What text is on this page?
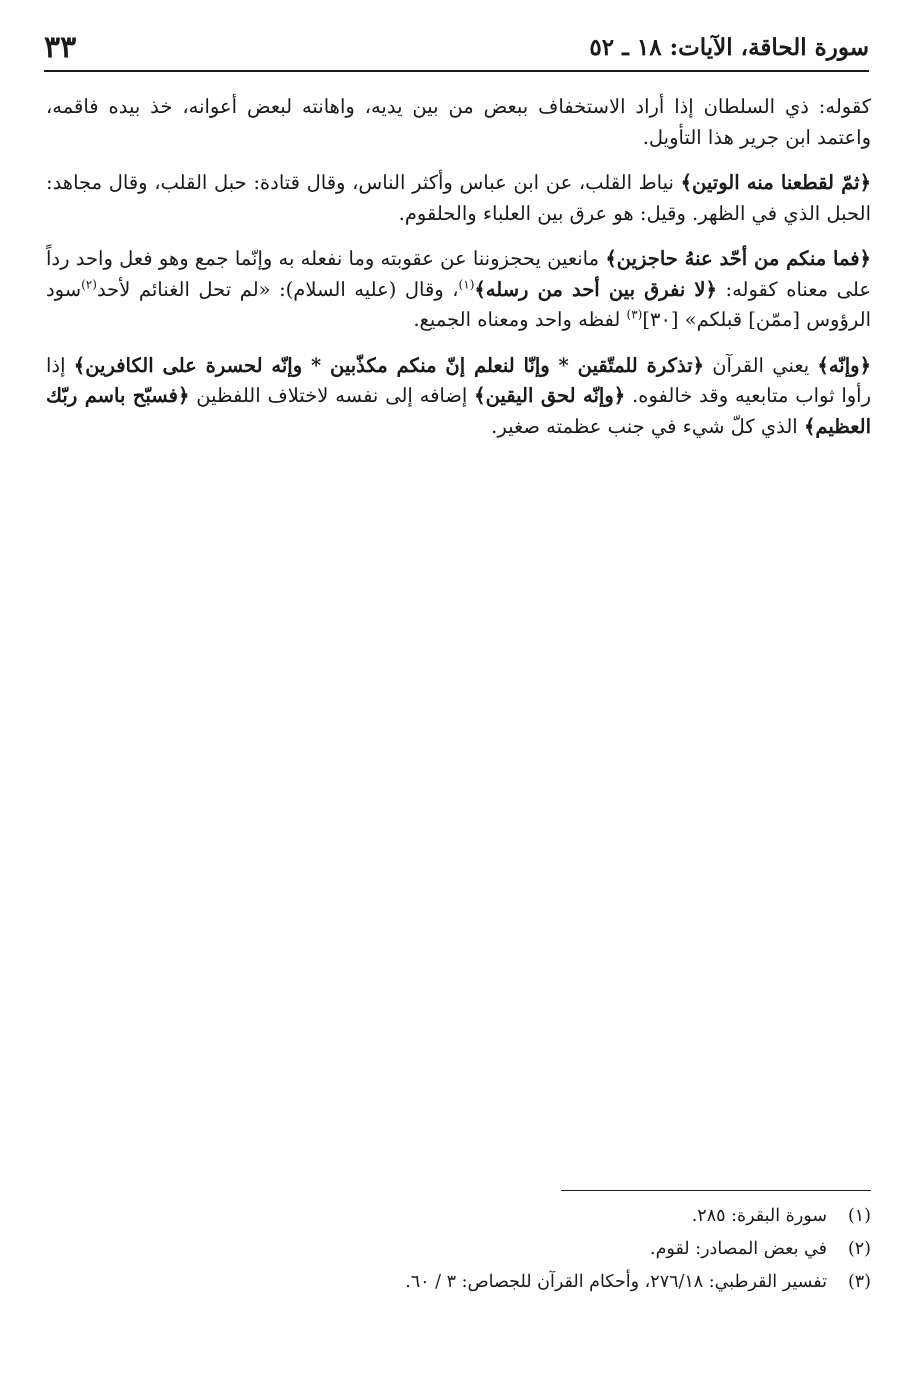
سورة الحاقة، الآيات: ١٨ ـ ٥٢
٣٣

كقوله: ذي السلطان إذا أراد الاستخفاف ببعض من بين يديه، واهانته لبعض أعوانه، خذ بيده فاقمه، واعتمد ابن جرير هذا التأويل.

﴿ثمّ لقطعنا منه الوتين﴾ نياط القلب، عن ابن عباس وأكثر الناس، وقال قتادة: حبل القلب، وقال مجاهد: الحبل الذي في الظهر. وقيل: هو عرق بين العلباء والحلقوم.

﴿فما منكم من أحّد عنهُ حاجزين﴾ مانعين يحجزوننا عن عقوبته وما نفعله به وإنّما جمع وهو فعل واحد رداً على معناه كقوله: ﴿لا نفرق بين أحد من رسله﴾$^{(١)}$، وقال (عليه السلام): «لم تحل الغنائم لأحد$^{(٢)}$سود الرؤوس [ممّن] قبلكم» [٣٠]$^{(٣)}$ لفظه واحد ومعناه الجميع.

﴿وإنّه﴾ يعني القرآن ﴿تذكرة للمتّقين * وإنّا لنعلم إنّ منكم مكذّبين * وإنّه لحسرة على الكافرين﴾ إذا رأوا ثواب متابعيه وقد خالفوه. ﴿وإنّه لحق اليقين﴾ إضافه إلى نفسه لاختلاف اللفظين ﴿فسبّح باسم ربّك العظيم﴾ الذي كلّ شيء في جنب عظمته صغير.

(١)
سورة البقرة: ٢٨٥.
(٢)
في بعض المصادر: لقوم.
(٣)
تفسير القرطبي: ٢٧٦/١٨، وأحكام القرآن للجصاص: ٣ / ٦٠.
